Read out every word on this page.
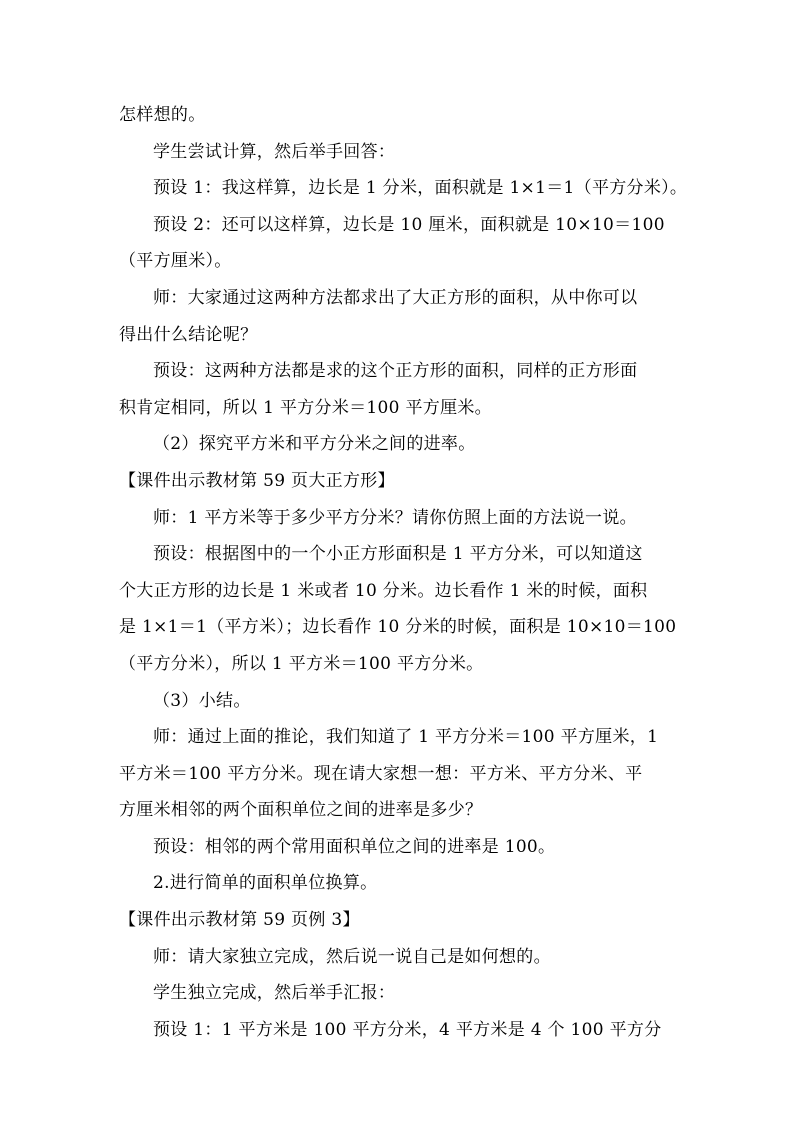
怎样想的。

学生尝试计算，然后举手回答：

预设 1：我这样算，边长是 1 分米，面积就是 1×1＝1（平方分米）。

预设 2：还可以这样算，边长是 10 厘米，面积就是 10×10＝100
（平方厘米）。

师：大家通过这两种方法都求出了大正方形的面积，从中你可以
得出什么结论呢？

预设：这两种方法都是求的这个正方形的面积，同样的正方形面
积肯定相同，所以 1 平方分米＝100 平方厘米。

（2）探究平方米和平方分米之间的进率。

【课件出示教材第 59 页大正方形】

师：1 平方米等于多少平方分米？请你仿照上面的方法说一说。

预设：根据图中的一个小正方形面积是 1 平方分米，可以知道这
个大正方形的边长是 1 米或者 10 分米。边长看作 1 米的时候，面积
是 1×1＝1（平方米）；边长看作 10 分米的时候，面积是 10×10＝100
（平方分米），所以 1 平方米＝100 平方分米。

（3）小结。

师：通过上面的推论，我们知道了 1 平方分米＝100 平方厘米，1
平方米＝100 平方分米。现在请大家想一想：平方米、平方分米、平
方厘米相邻的两个面积单位之间的进率是多少？

预设：相邻的两个常用面积单位之间的进率是 100。

2.进行简单的面积单位换算。

【课件出示教材第 59 页例 3】

师：请大家独立完成，然后说一说自己是如何想的。

学生独立完成，然后举手汇报：

预设 1：1 平方米是 100 平方分米，4 平方米是 4 个 100 平方分
